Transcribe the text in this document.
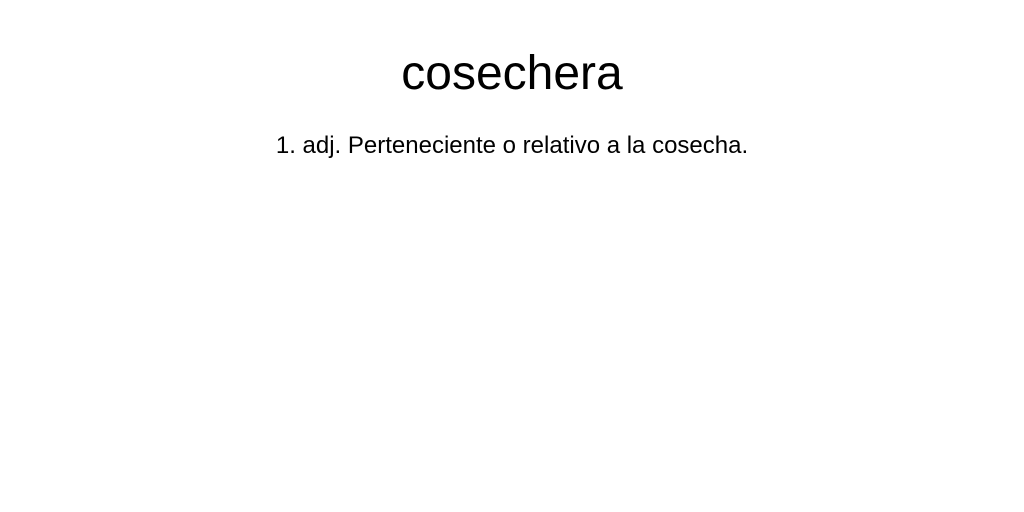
cosechera

1. adj. Perteneciente o relativo a la cosecha.
